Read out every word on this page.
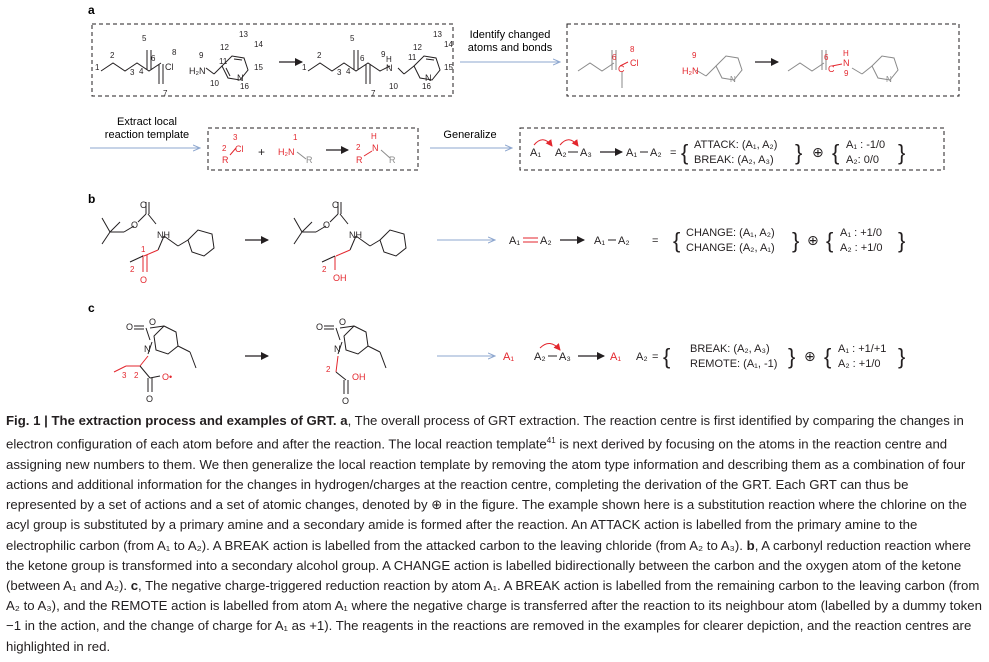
a
1
2
3 4
5
6
7
8
Cl H₂N
9
10
11
12
13
14
15
16
N
1
2
3 4
5
6
7
9
10
11
12
13
14
15
16
N
H
N
Identify changed atoms and bonds
C
Cl
8
6
H₂N
9
N
C
N
H
6
9
N
Extract local reaction template	3
2 Cl
R
+
1
H₂N
R
2
R
H
N
R
Generalize
A₁ A₂ A₃	A₁ A₂ = { ATTACK: (A₁, A₂)
BREAK: (A₂, A₃) } ⊕ { A₁ : -1/0
A₂: 0/0 }
b	O
O
NH
1
2
O
O
O
NH
2
OH
A₁ A₂	A₁ A₂ = { CHANGE: (A₁, A₂)
CHANGE: (A₂, A₁) } ⊕ { A₁ : +1/0
A₂ : +1/0 }
c
O O
N
3 2	O•
O
O O
N
2
OH
O
A₁ A₂ A₃	A₁ A₂ = { BREAK: (A₂, A₃)
REMOTE: (A₁, -1) } ⊕ { A₁ : +1/+1
A₂ : +1/0 }
Fig. 1 | The extraction process and examples of GRT. a, The overall process of GRT extraction. The reaction centre is first identified by comparing the changes in electron configuration of each atom before and after the reaction. The local reaction template$^{41}$ is next derived by focusing on the atoms in the reaction centre and assigning new numbers to them. We then generalize the local reaction template by removing the atom type information and describing them as a combination of four actions and additional information for the changes in hydrogen/charges at the reaction centre, completing the derivation of the GRT. Each GRT can thus be represented by a set of actions and a set of atomic changes, denoted by ⊕ in the figure. The example shown here is a substitution reaction where the chlorine on the acyl group is substituted by a primary amine and a secondary amide is formed after the reaction. An ATTACK action is labelled from the primary amine to the electrophilic carbon (from A₁ to A₂). A BREAK action is labelled from the attacked carbon to the leaving chloride (from A₂ to A₃). b, A carbonyl reduction reaction where the ketone group is transformed into a secondary alcohol group. A CHANGE action is labelled bidirectionally between the carbon and the oxygen atom of the ketone (between A₁ and A₂). c, The negative charge-triggered reduction reaction by atom A₁. A BREAK action is labelled from the remaining carbon to the leaving carbon (from A₂ to A₃), and the REMOTE action is labelled from atom A₁ where the negative charge is transferred after the reaction to its neighbour atom (labelled by a dummy token −1 in the action, and the change of charge for A₁ as +1). The reagents in the reactions are removed in the examples for clearer depiction, and the reaction centres are highlighted in red.
